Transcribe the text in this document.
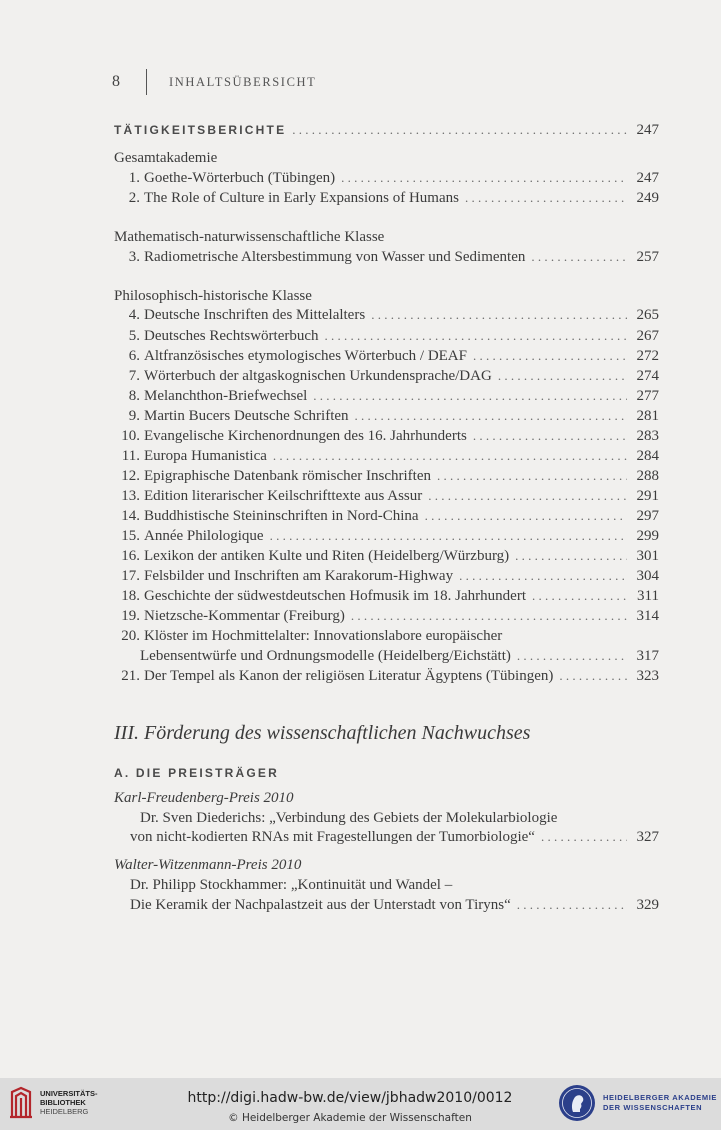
8	INHALTSÜBERSICHT
TÄTIGKEITSBERICHTE . . .	247
Gesamtakademie
1. Goethe-Wörterbuch (Tübingen) . . .	247
2. The Role of Culture in Early Expansions of Humans . . .	249
Mathematisch-naturwissenschaftliche Klasse
3. Radiometrische Altersbestimmung von Wasser und Sedimenten . . .	257
Philosophisch-historische Klasse
4. Deutsche Inschriften des Mittelalters . . .	265
5. Deutsches Rechtswörterbuch . . .	267
6. Altfranzösisches etymologisches Wörterbuch / DEAF . . .	272
7. Wörterbuch der altgaskognischen Urkundensprache/DAG . . .	274
8. Melanchthon-Briefwechsel . . .	277
9. Martin Bucers Deutsche Schriften . . .	281
10. Evangelische Kirchenordnungen des 16. Jahrhunderts . . .	283
11. Europa Humanistica . . .	284
12. Epigraphische Datenbank römischer Inschriften . . .	288
13. Edition literarischer Keilschrifttexte aus Assur . . .	291
14. Buddhistische Steininschriften in Nord-China . . .	297
15. Année Philologique . . .	299
16. Lexikon der antiken Kulte und Riten (Heidelberg/Würzburg) . . .	301
17. Felsbilder und Inschriften am Karakorum-Highway . . .	304
18. Geschichte der südwestdeutschen Hofmusik im 18. Jahrhundert . . .	311
19. Nietzsche-Kommentar (Freiburg) . . .	314
20. Klöster im Hochmittelalter: Innovationslabore europäischer
Lebensentwürfe und Ordnungsmodelle (Heidelberg/Eichstätt) . . .	317
21. Der Tempel als Kanon der religiösen Literatur Ägyptens (Tübingen) . . .	323
III. Förderung des wissenschaftlichen Nachwuchses
A. DIE PREISTRÄGER
Karl-Freudenberg-Preis 2010
Dr. Sven Diederichs: „Verbindung des Gebiets der Molekularbiologie
von nicht-kodierten RNAs mit Fragestellungen der Tumorbiologie“ . . .	327
Walter-Witzenmann-Preis 2010
Dr. Philipp Stockhammer: „Kontinuität und Wandel –
Die Keramik der Nachpalastzeit aus der Unterstadt von Tiryns“ . . .	329
UNIVERSITÄTS-
BIBLIOTHEK
HEIDELBERG
http://digi.hadw-bw.de/view/jbhadw2010/0012
© Heidelberger Akademie der Wissenschaften
HEIDELBERGER AKADEMIE
DER WISSENSCHAFTEN
